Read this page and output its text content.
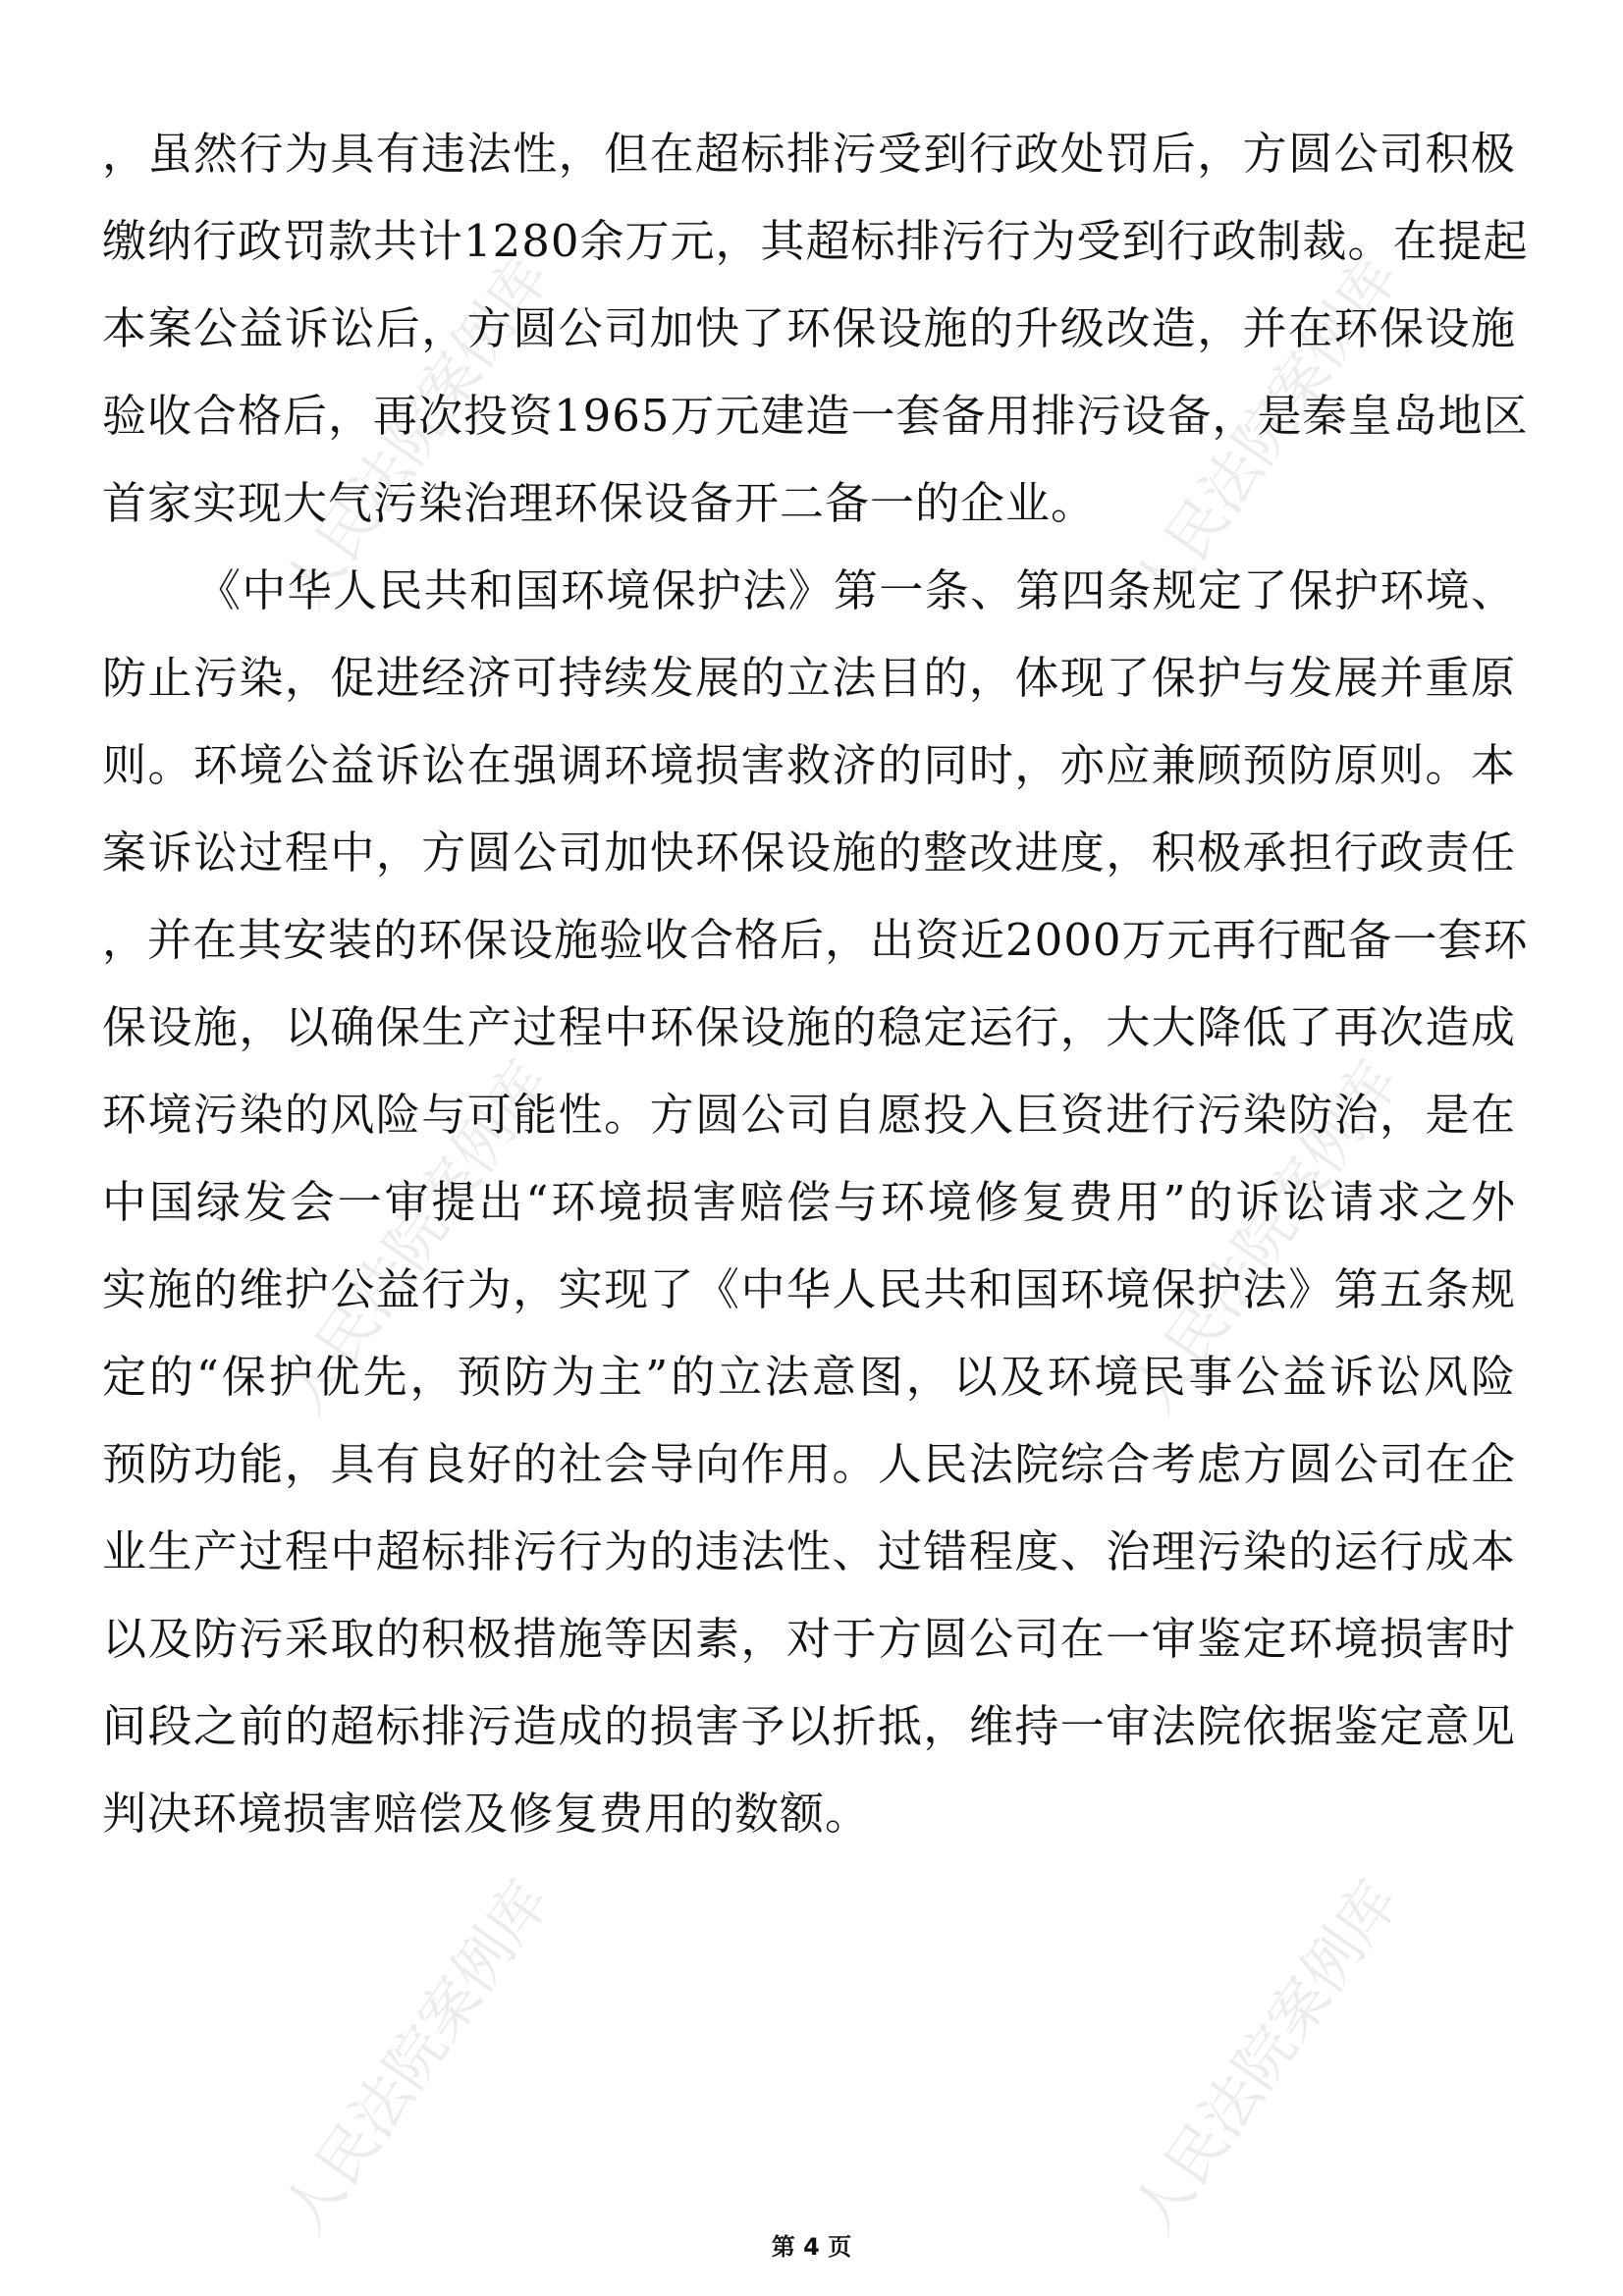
人民法院案例库	人民法院案例库
人民法院案例库	人民法院案例库
人民法院案例库	人民法院案例库
，虽然行为具有违法性，但在超标排污受到行政处罚后，方圆公司积极
缴纳行政罚款共计1280余万元，其超标排污行为受到行政制裁。在提起
本案公益诉讼后，方圆公司加快了环保设施的升级改造，并在环保设施
验收合格后，再次投资1965万元建造一套备用排污设备，是秦皇岛地区
首家实现大气污染治理环保设备开二备一的企业。
《中华人民共和国环境保护法》第一条、第四条规定了保护环境、
防止污染，促进经济可持续发展的立法目的，体现了保护与发展并重原
则。环境公益诉讼在强调环境损害救济的同时，亦应兼顾预防原则。本
案诉讼过程中，方圆公司加快环保设施的整改进度，积极承担行政责任
，并在其安装的环保设施验收合格后，出资近2000万元再行配备一套环
保设施，以确保生产过程中环保设施的稳定运行，大大降低了再次造成
环境污染的风险与可能性。方圆公司自愿投入巨资进行污染防治，是在
中国绿发会一审提出“环境损害赔偿与环境修复费用”的诉讼请求之外
实施的维护公益行为，实现了《中华人民共和国环境保护法》第五条规
定的“保护优先，预防为主”的立法意图，以及环境民事公益诉讼风险
预防功能，具有良好的社会导向作用。人民法院综合考虑方圆公司在企
业生产过程中超标排污行为的违法性、过错程度、治理污染的运行成本
以及防污采取的积极措施等因素，对于方圆公司在一审鉴定环境损害时
间段之前的超标排污造成的损害予以折抵，维持一审法院依据鉴定意见
判决环境损害赔偿及修复费用的数额。
第 4 页
